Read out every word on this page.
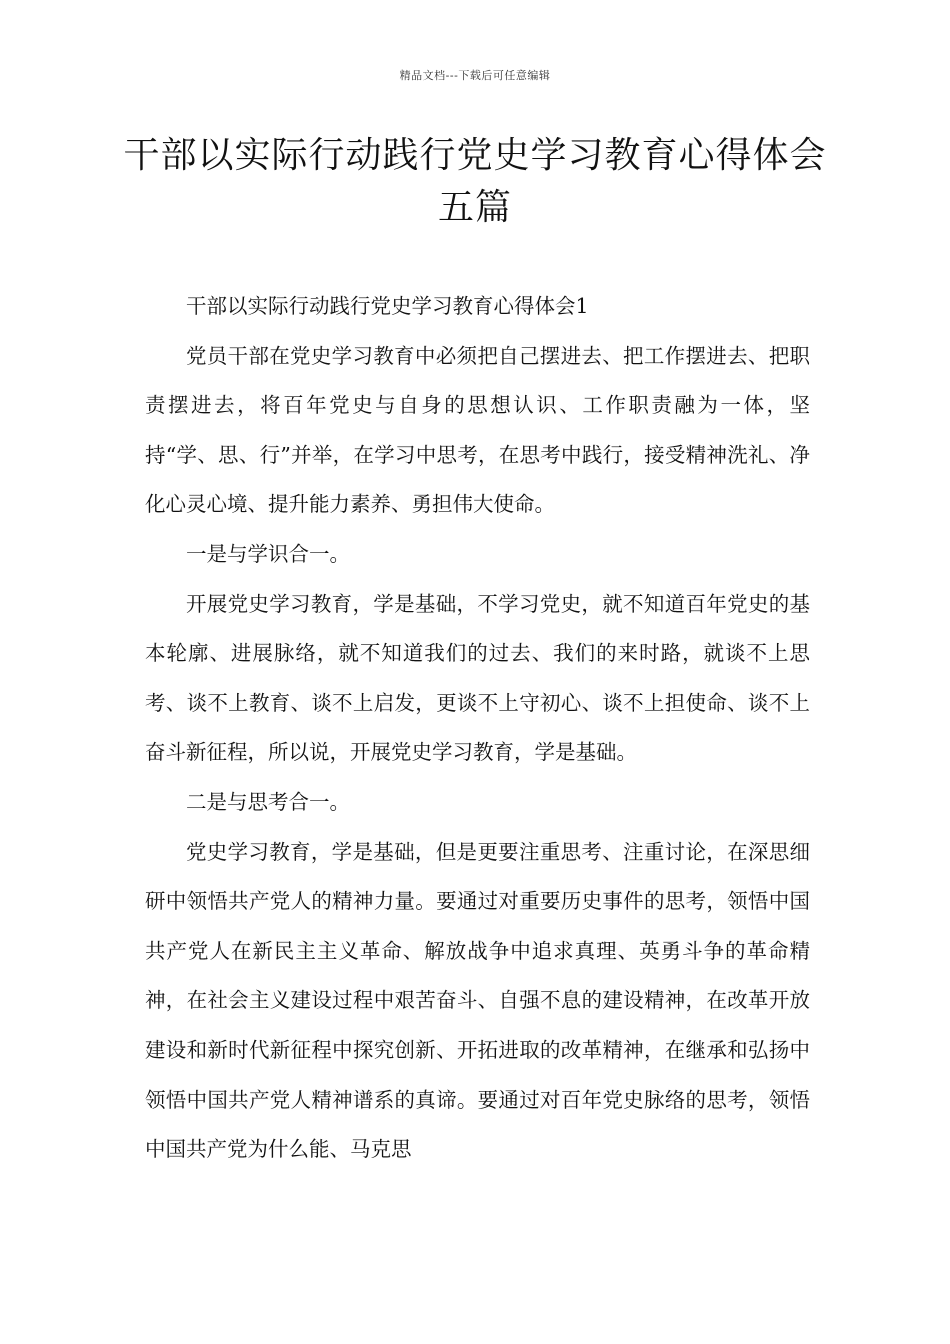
精品文档---下载后可任意编辑
干部以实际行动践行党史学习教育心得体会五篇

干部以实际行动践行党史学习教育心得体会1

党员干部在党史学习教育中必须把自己摆进去、把工作摆进去、把职责摆进去，将百年党史与自身的思想认识、工作职责融为一体，坚持“学、思、行”并举，在学习中思考，在思考中践行，接受精神洗礼、净化心灵心境、提升能力素养、勇担伟大使命。

一是与学识合一。

开展党史学习教育，学是基础，不学习党史，就不知道百年党史的基本轮廓、进展脉络，就不知道我们的过去、我们的来时路，就谈不上思考、谈不上教育、谈不上启发，更谈不上守初心、谈不上担使命、谈不上奋斗新征程，所以说，开展党史学习教育，学是基础。

二是与思考合一。

党史学习教育，学是基础，但是更要注重思考、注重讨论，在深思细研中领悟共产党人的精神力量。要通过对重要历史事件的思考，领悟中国共产党人在新民主主义革命、解放战争中追求真理、英勇斗争的革命精神，在社会主义建设过程中艰苦奋斗、自强不息的建设精神，在改革开放建设和新时代新征程中探究创新、开拓进取的改革精神，在继承和弘扬中领悟中国共产党人精神谱系的真谛。要通过对百年党史脉络的思考，领悟中国共产党为什么能、马克思
